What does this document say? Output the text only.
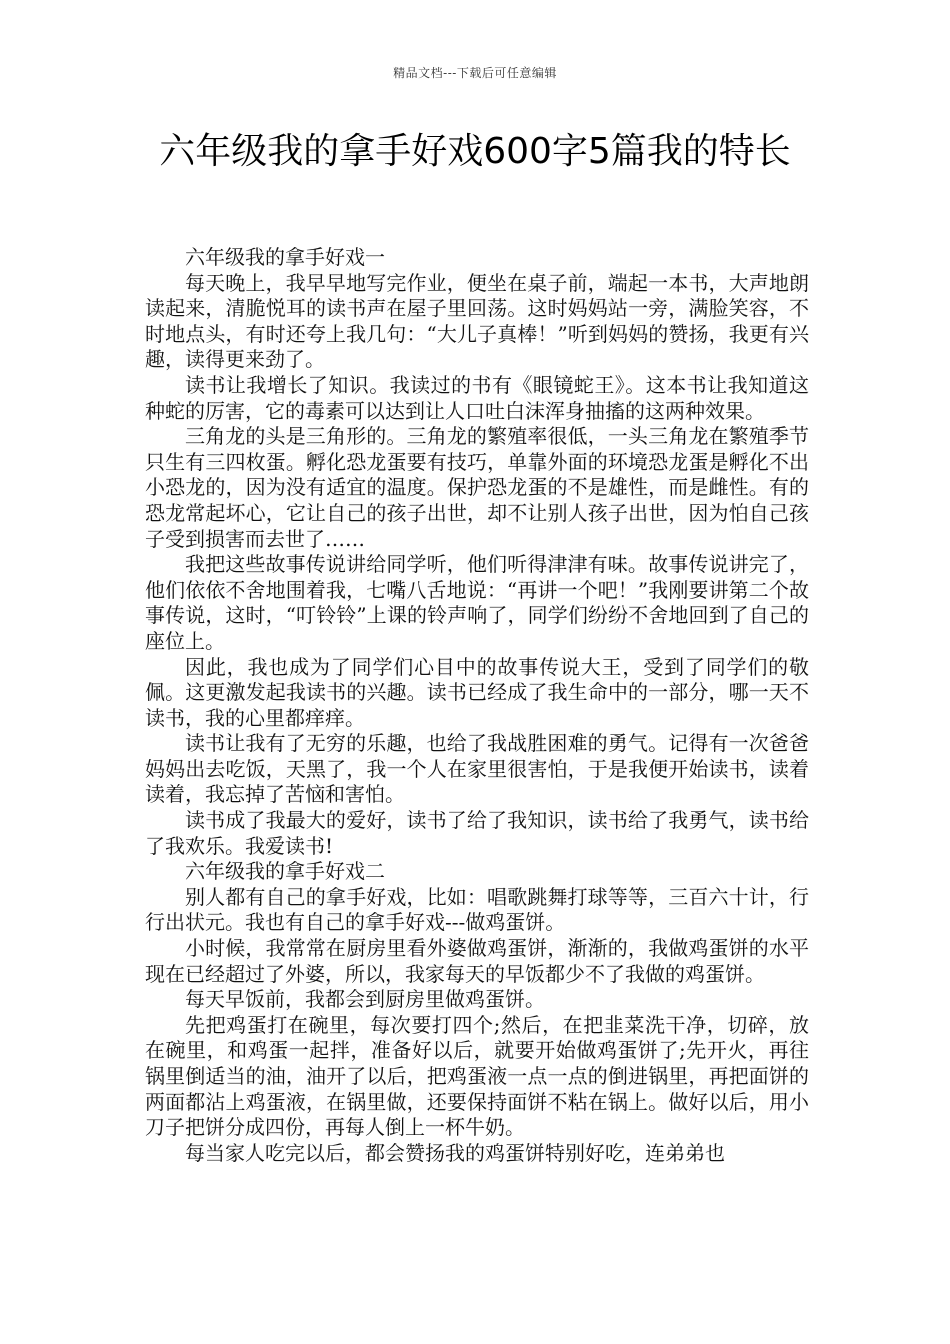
精品文档---下载后可任意编辑
六年级我的拿手好戏600字5篇我的特长

六年级我的拿手好戏一

每天晚上，我早早地写完作业，便坐在桌子前，端起一本书，大声地朗读起来，清脆悦耳的读书声在屋子里回荡。这时妈妈站一旁，满脸笑容，不时地点头，有时还夸上我几句：“大儿子真棒！”听到妈妈的赞扬，我更有兴趣，读得更来劲了。

读书让我增长了知识。我读过的书有《眼镜蛇王》。这本书让我知道这种蛇的厉害，它的毒素可以达到让人口吐白沫浑身抽搐的这两种效果。

三角龙的头是三角形的。三角龙的繁殖率很低，一头三角龙在繁殖季节只生有三四枚蛋。孵化恐龙蛋要有技巧，单靠外面的环境恐龙蛋是孵化不出小恐龙的，因为没有适宜的温度。保护恐龙蛋的不是雄性，而是雌性。有的恐龙常起坏心，它让自己的孩子出世，却不让别人孩子出世，因为怕自己孩子受到损害而去世了……

我把这些故事传说讲给同学听，他们听得津津有味。故事传说讲完了，他们依依不舍地围着我，七嘴八舌地说：“再讲一个吧！”我刚要讲第二个故事传说，这时，“叮铃铃”上课的铃声响了，同学们纷纷不舍地回到了自己的座位上。

因此，我也成为了同学们心目中的故事传说大王，受到了同学们的敬佩。这更激发起我读书的兴趣。读书已经成了我生命中的一部分，哪一天不读书，我的心里都痒痒。

读书让我有了无穷的乐趣，也给了我战胜困难的勇气。记得有一次爸爸妈妈出去吃饭，天黑了，我一个人在家里很害怕，于是我便开始读书，读着读着，我忘掉了苦恼和害怕。

读书成了我最大的爱好，读书了给了我知识，读书给了我勇气，读书给了我欢乐。我爱读书!

六年级我的拿手好戏二

别人都有自己的拿手好戏，比如：唱歌跳舞打球等等，三百六十计，行行出状元。我也有自己的拿手好戏---做鸡蛋饼。

小时候，我常常在厨房里看外婆做鸡蛋饼，渐渐的，我做鸡蛋饼的水平现在已经超过了外婆，所以，我家每天的早饭都少不了我做的鸡蛋饼。

每天早饭前，我都会到厨房里做鸡蛋饼。

先把鸡蛋打在碗里，每次要打四个;然后，在把韭菜洗干净，切碎，放在碗里，和鸡蛋一起拌，准备好以后，就要开始做鸡蛋饼了;先开火，再往锅里倒适当的油，油开了以后，把鸡蛋液一点一点的倒进锅里，再把面饼的两面都沾上鸡蛋液，在锅里做，还要保持面饼不粘在锅上。做好以后，用小刀子把饼分成四份，再每人倒上一杯牛奶。

每当家人吃完以后，都会赞扬我的鸡蛋饼特别好吃，连弟弟也
